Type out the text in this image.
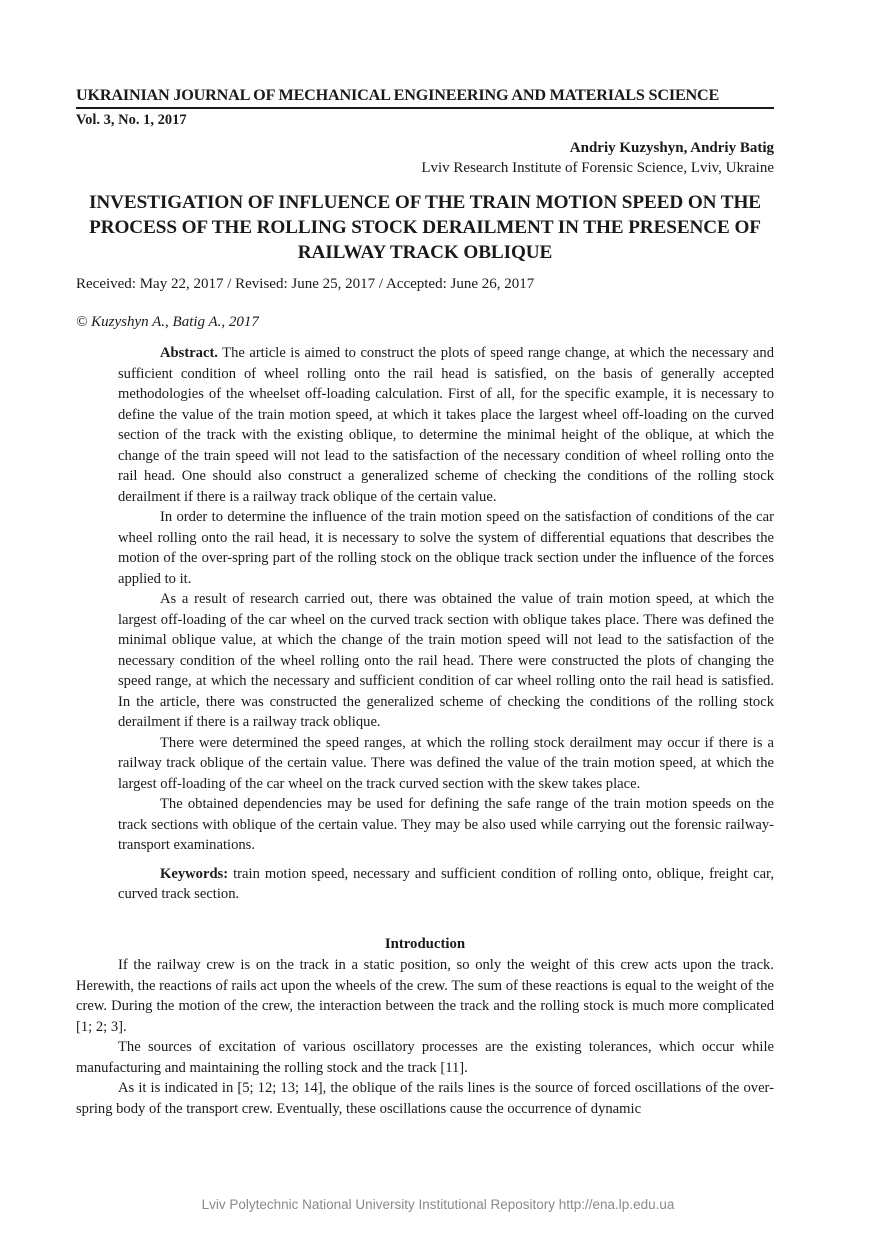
UKRAINIAN JOURNAL OF MECHANICAL ENGINEERING AND MATERIALS SCIENCE
Vol. 3, No. 1, 2017
Andriy Kuzyshyn, Andriy Batig
Lviv Research Institute of Forensic Science, Lviv, Ukraine
INVESTIGATION OF INFLUENCE OF THE TRAIN MOTION SPEED ON THE PROCESS OF THE ROLLING STOCK DERAILMENT IN THE PRESENCE OF RAILWAY TRACK OBLIQUE
Received: May 22, 2017 / Revised: June 25, 2017 / Accepted: June 26, 2017
© Kuzyshyn A., Batig A., 2017

Abstract. The article is aimed to construct the plots of speed range change, at which the necessary and sufficient condition of wheel rolling onto the rail head is satisfied, on the basis of generally accepted methodologies of the wheelset off-loading calculation. First of all, for the specific example, it is necessary to define the value of the train motion speed, at which it takes place the largest wheel off-loading on the curved section of the track with the existing oblique, to determine the minimal height of the oblique, at which the change of the train speed will not lead to the satisfaction of the necessary condition of wheel rolling onto the rail head. One should also construct a generalized scheme of checking the conditions of the rolling stock derailment if there is a railway track oblique of the certain value.

In order to determine the influence of the train motion speed on the satisfaction of conditions of the car wheel rolling onto the rail head, it is necessary to solve the system of differential equations that describes the motion of the over-spring part of the rolling stock on the oblique track section under the influence of the forces applied to it.

As a result of research carried out, there was obtained the value of train motion speed, at which the largest off-loading of the car wheel on the curved track section with oblique takes place. There was defined the minimal oblique value, at which the change of the train motion speed will not lead to the satisfaction of the necessary condition of the wheel rolling onto the rail head. There were constructed the plots of changing the speed range, at which the necessary and sufficient condition of car wheel rolling onto the rail head is satisfied. In the article, there was constructed the generalized scheme of checking the conditions of the rolling stock derailment if there is a railway track oblique.

There were determined the speed ranges, at which the rolling stock derailment may occur if there is a railway track oblique of the certain value. There was defined the value of the train motion speed, at which the largest off-loading of the car wheel on the track curved section with the skew takes place.

The obtained dependencies may be used for defining the safe range of the train motion speeds on the track sections with oblique of the certain value. They may be also used while carrying out the forensic railway-transport examinations.

Keywords: train motion speed, necessary and sufficient condition of rolling onto, oblique, freight car, curved track section.

Introduction

If the railway crew is on the track in a static position, so only the weight of this crew acts upon the track. Herewith, the reactions of rails act upon the wheels of the crew. The sum of these reactions is equal to the weight of the crew. During the motion of the crew, the interaction between the track and the rolling stock is much more complicated [1; 2; 3].

The sources of excitation of various oscillatory processes are the existing tolerances, which occur while manufacturing and maintaining the rolling stock and the track [11].

As it is indicated in [5; 12; 13; 14], the oblique of the rails lines is the source of forced oscillations of the over-spring body of the transport crew. Eventually, these oscillations cause the occurrence of dynamic

Lviv Polytechnic National University Institutional Repository http://ena.lp.edu.ua
